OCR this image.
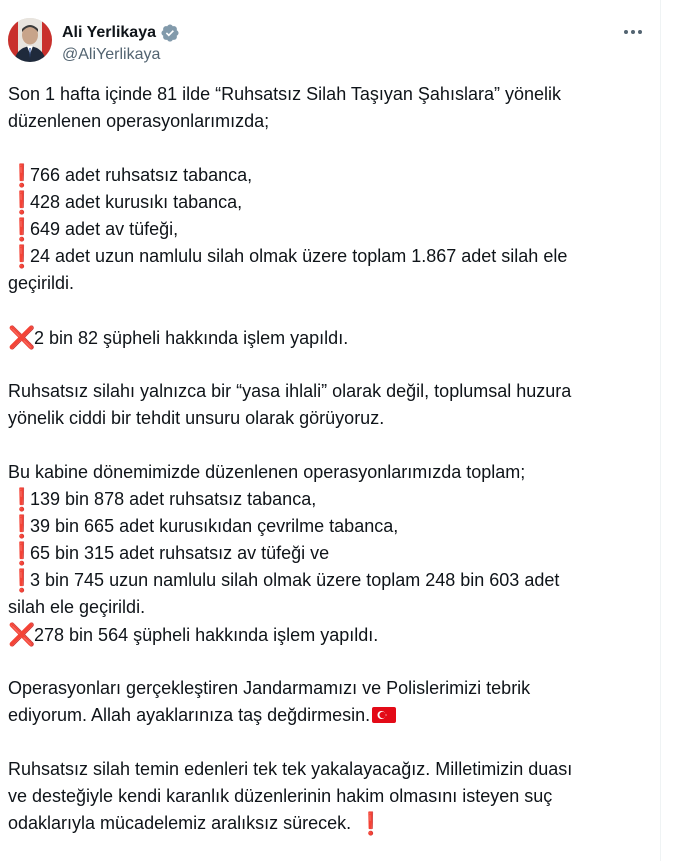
Ali Yerlikaya
@AliYerlikaya
Son 1 hafta içinde 81 ilde “Ruhsatsız Silah Taşıyan Şahıslara” yönelik
düzenlenen operasyonlarımızda;
❗766 adet ruhsatsız tabanca,
❗428 adet kurusıkı tabanca,
❗649 adet av tüfeği,
❗24 adet uzun namlulu silah olmak üzere toplam 1.867 adet silah ele
geçirildi.
❌2 bin 82 şüpheli hakkında işlem yapıldı.
Ruhsatsız silahı yalnızca bir “yasa ihlali” olarak değil, toplumsal huzura
yönelik ciddi bir tehdit unsuru olarak görüyoruz.
Bu kabine dönemimizde düzenlenen operasyonlarımızda toplam;
❗139 bin 878 adet ruhsatsız tabanca,
❗39 bin 665 adet kurusıkıdan çevrilme tabanca,
❗65 bin 315 adet ruhsatsız av tüfeği ve
❗3 bin 745 uzun namlulu silah olmak üzere toplam 248 bin 603 adet
silah ele geçirildi.
❌278 bin 564 şüpheli hakkında işlem yapıldı.
Operasyonları gerçekleştiren Jandarmamızı ve Polislerimizi tebrik
ediyorum. Allah ayaklarınıza taş değdirmesin.
Ruhsatsız silah temin edenleri tek tek yakalayacağız. Milletimizin duası
ve desteğiyle kendi karanlık düzenlerinin hakim olmasını isteyen suç
odaklarıyla mücadelemiz aralıksız sürecek. ❗
